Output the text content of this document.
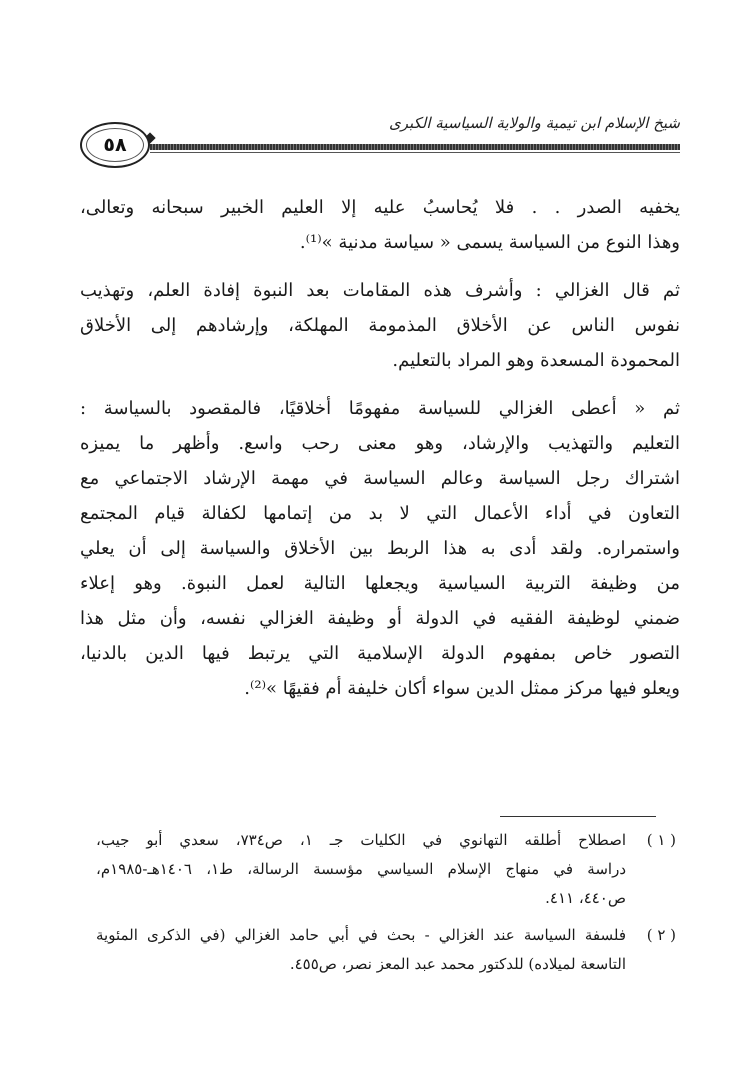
شيخ الإسلام ابن تيمية والولاية السياسية الكبرى
٥٨
يخفيه الصدر . . فلا يُحاسبُ عليه إلا العليم الخبير سبحانه وتعالى،
وهذا النوع من السياسة يسمى « سياسة مدنية »⁽¹⁾.
ثم قال الغزالي : وأشرف هذه المقامات بعد النبوة إفادة العلم، وتهذيب
نفوس الناس عن الأخلاق المذمومة المهلكة، وإرشادهم إلى الأخلاق
المحمودة المسعدة وهو المراد بالتعليم.
ثم « أعطى الغزالي للسياسة مفهومًا أخلاقيًا، فالمقصود بالسياسة :
التعليم والتهذيب والإرشاد، وهو معنى رحب واسع. وأظهر ما يميزه
اشتراك رجل السياسة وعالم السياسة في مهمة الإرشاد الاجتماعي مع
التعاون في أداء الأعمال التي لا بد من إتمامها لكفالة قيام المجتمع
واستمراره. ولقد أدى به هذا الربط بين الأخلاق والسياسة إلى أن يعلي
من وظيفة التربية السياسية ويجعلها التالية لعمل النبوة. وهو إعلاء
ضمني لوظيفة الفقيه في الدولة أو وظيفة الغزالي نفسه، وأن مثل هذا
التصور خاص بمفهوم الدولة الإسلامية التي يرتبط فيها الدين بالدنيا،
ويعلو فيها مركز ممثل الدين سواء أكان خليفة أم فقيهًا »⁽²⁾.
( ١ )
اصطلاح أطلقه التهانوي في الكليات جـ ١، ص٧٣٤، سعدي أبو جيب،
دراسة في منهاج الإسلام السياسي مؤسسة الرسالة، ط١، ١٤٠٦هـ-١٩٨٥م،
ص٤٤٠، ٤١١.
( ٢ )
فلسفة السياسة عند الغزالي - بحث في أبي حامد الغزالي (في الذكرى المئوية
التاسعة لميلاده) للدكتور محمد عبد المعز نصر، ص٤٥٥.
